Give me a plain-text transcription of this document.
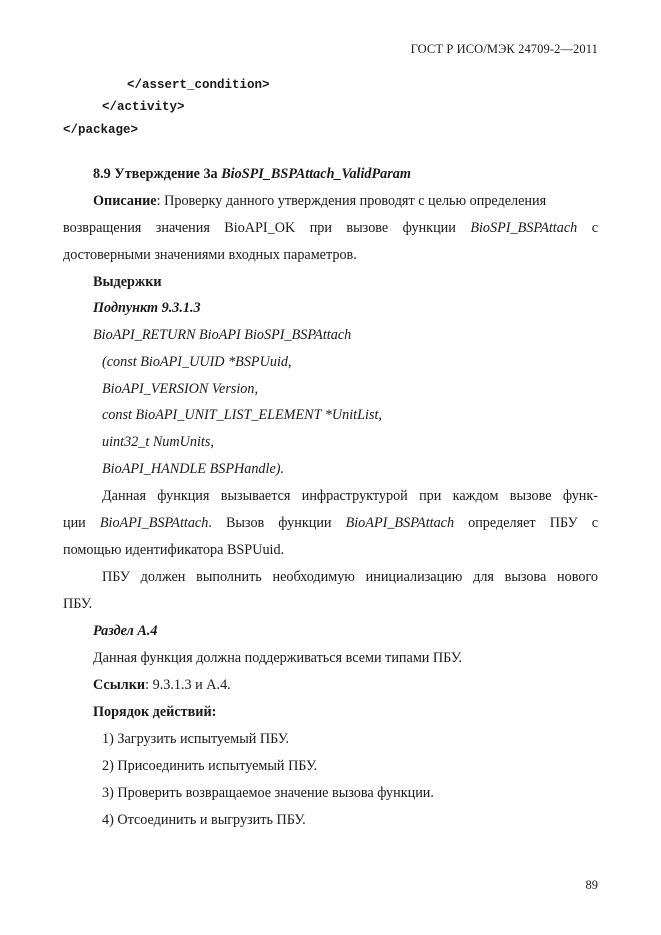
ГОСТ Р ИСО/МЭК 24709-2—2011
</assert_condition>
</activity>
</package>
8.9 Утверждение 3а BioSPI_BSPAttach_ValidParam
Описание: Проверку данного утверждения проводят с целью определения
возвращения значения BioAPI_OK при вызове функции BioSPI_BSPAttach с
достоверными значениями входных параметров.
Выдержки
Подпункт 9.3.1.3
BioAPI_RETURN BioAPI BioSPI_BSPAttach
(const BioAPI_UUID *BSPUuid,
BioAPI_VERSION Version,
const BioAPI_UNIT_LIST_ELEMENT *UnitList,
uint32_t NumUnits,
BioAPI_HANDLE BSPHandle).
Данная функция вызывается инфраструктурой при каждом вызове функ-
ции BioAPI_BSPAttach. Вызов функции BioAPI_BSPAttach определяет ПБУ с
помощью идентификатора BSPUuid.
ПБУ должен выполнить необходимую инициализацию для вызова нового
ПБУ.
Раздел А.4
Данная функция должна поддерживаться всеми типами ПБУ.
Ссылки: 9.3.1.3 и А.4.
Порядок действий:
1) Загрузить испытуемый ПБУ.
2) Присоединить испытуемый ПБУ.
3) Проверить возвращаемое значение вызова функции.
4) Отсоединить и выгрузить ПБУ.
89
